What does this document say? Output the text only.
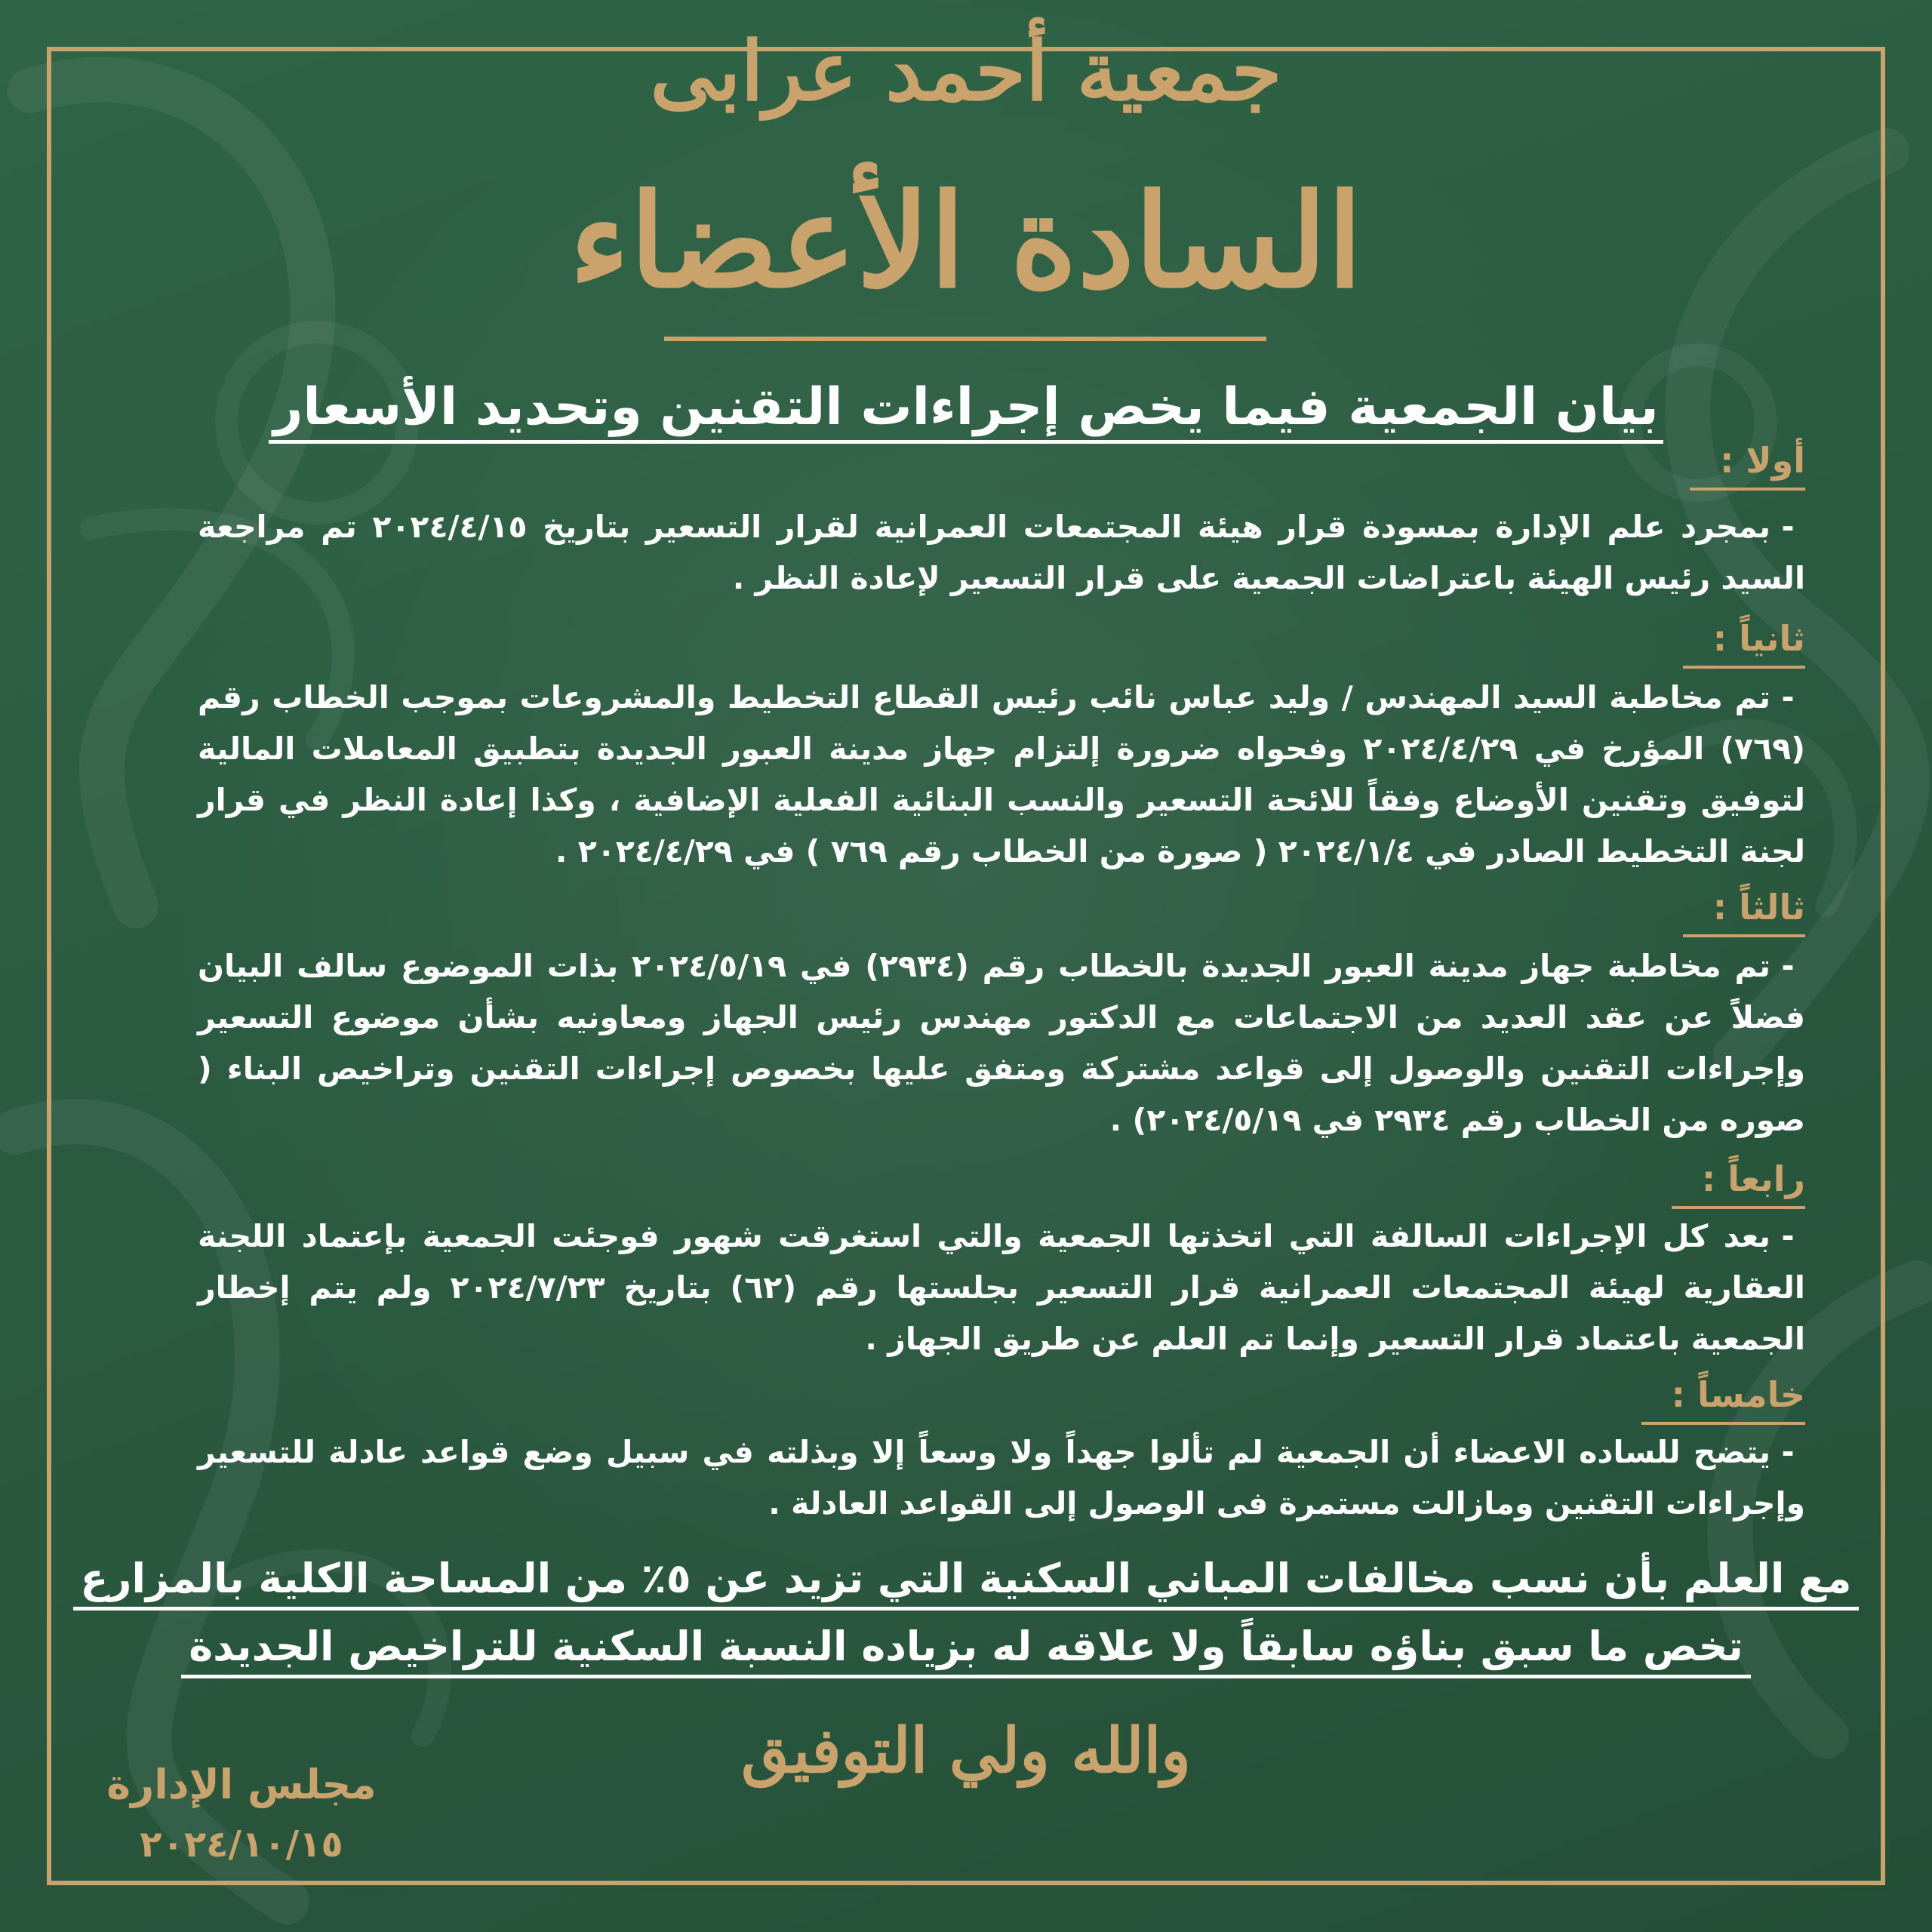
جمعية أحمد عرابى
السادة الأعضاء
بيان الجمعية فيما يخص إجراءات التقنين وتحديد الأسعار
أولا :
-بمجرد علم الإدارة بمسودة قرار هيئة المجتمعات العمرانية لقرار التسعير بتاريخ ٢٠٢٤/٤/١٥ تم مراجعة السيد رئيس الهيئة باعتراضات الجمعية على قرار التسعير لإعادة النظر .
ثانياً :
-تم مخاطبة السيد المهندس / وليد عباس نائب رئيس القطاع التخطيط والمشروعات بموجب الخطاب رقم (٧٦٩) المؤرخ في ٢٠٢٤/٤/٢٩ وفحواه ضرورة إلتزام جهاز مدينة العبور الجديدة بتطبيق المعاملات المالية لتوفيق وتقنين الأوضاع وفقاً للائحة التسعير والنسب البنائية الفعلية الإضافية ، وكذا إعادة النظر في قرار لجنة التخطيط الصادر في ٢٠٢٤/١/٤ ( صورة من الخطاب رقم ٧٦٩ ) في ٢٠٢٤/٤/٢٩ .
ثالثاً :
-تم مخاطبة جهاز مدينة العبور الجديدة بالخطاب رقم (٢٩٣٤) في ٢٠٢٤/٥/١٩ بذات الموضوع سالف البيان فضلاً عن عقد العديد من الاجتماعات مع الدكتور مهندس رئيس الجهاز ومعاونيه بشأن موضوع التسعير وإجراءات التقنين والوصول إلى قواعد مشتركة ومتفق عليها بخصوص إجراءات التقنين وتراخيص البناء ( صوره من الخطاب رقم ٢٩٣٤ في ٢٠٢٤/٥/١٩) .
رابعاً :
-بعد كل الإجراءات السالفة التي اتخذتها الجمعية والتي استغرقت شهور فوجئت الجمعية بإعتماد اللجنة العقارية لهيئة المجتمعات العمرانية قرار التسعير بجلستها رقم (٦٢) بتاريخ ٢٠٢٤/٧/٢٣ ولم يتم إخطار الجمعية باعتماد قرار التسعير وإنما تم العلم عن طريق الجهاز .
خامساً :
-يتضح للساده الاعضاء أن الجمعية لم تألوا جهداً ولا وسعاً إلا وبذلته في سبيل وضع قواعد عادلة للتسعير وإجراءات التقنين ومازالت مستمرة فى الوصول إلى القواعد العادلة .
مع العلم بأن نسب مخالفات المباني السكنية التي تزيد عن ٥٪ من المساحة الكلية بالمزارع
تخص ما سبق بناؤه سابقاً ولا علاقه له بزياده النسبة السكنية للتراخيص الجديدة
والله ولي التوفيق
مجلس الإدارة
٢٠٢٤/١٠/١٥
